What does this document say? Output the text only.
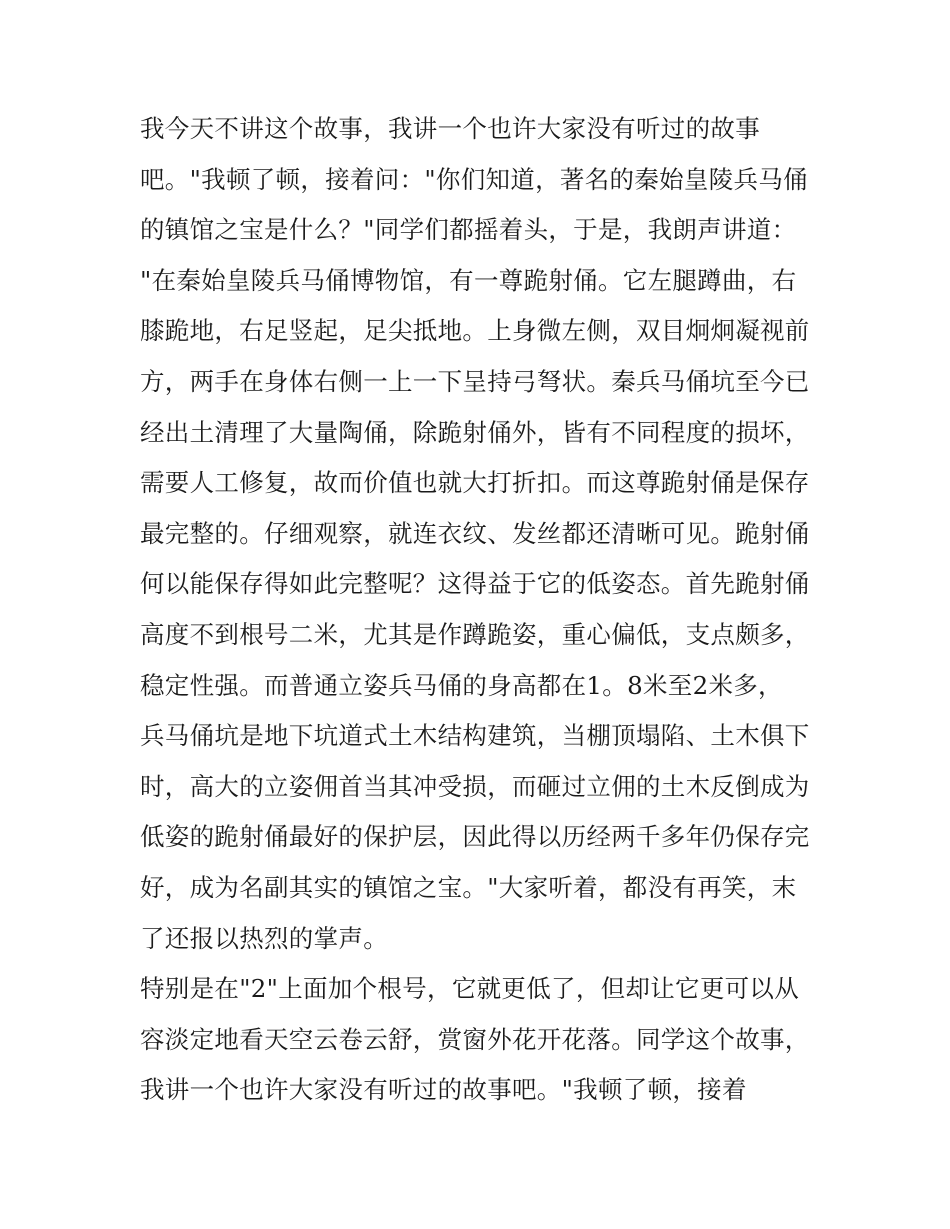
我今天不讲这个故事，我讲一个也许大家没有听过的故事
吧。"我顿了顿，接着问："你们知道，著名的秦始皇陵兵马俑
的镇馆之宝是什么？"同学们都摇着头，于是，我朗声讲道：
"在秦始皇陵兵马俑博物馆，有一尊跪射俑。它左腿蹲曲，右
膝跪地，右足竖起，足尖抵地。上身微左侧，双目炯炯凝视前
方，两手在身体右侧一上一下呈持弓弩状。秦兵马俑坑至今已
经出土清理了大量陶俑，除跪射俑外，皆有不同程度的损坏，
需要人工修复，故而价值也就大打折扣。而这尊跪射俑是保存
最完整的。仔细观察，就连衣纹、发丝都还清晰可见。跪射俑
何以能保存得如此完整呢？这得益于它的低姿态。首先跪射俑
高度不到根号二米，尤其是作蹲跪姿，重心偏低，支点颇多，
稳定性强。而普通立姿兵马俑的身高都在1。8米至2米多，
兵马俑坑是地下坑道式土木结构建筑，当棚顶塌陷、土木俱下
时，高大的立姿佣首当其冲受损，而砸过立佣的土木反倒成为
低姿的跪射俑最好的保护层，因此得以历经两千多年仍保存完
好，成为名副其实的镇馆之宝。"大家听着，都没有再笑，末
了还报以热烈的掌声。
特别是在"2"上面加个根号，它就更低了，但却让它更可以从
容淡定地看天空云卷云舒，赏窗外花开花落。同学这个故事，
我讲一个也许大家没有听过的故事吧。"我顿了顿，接着
